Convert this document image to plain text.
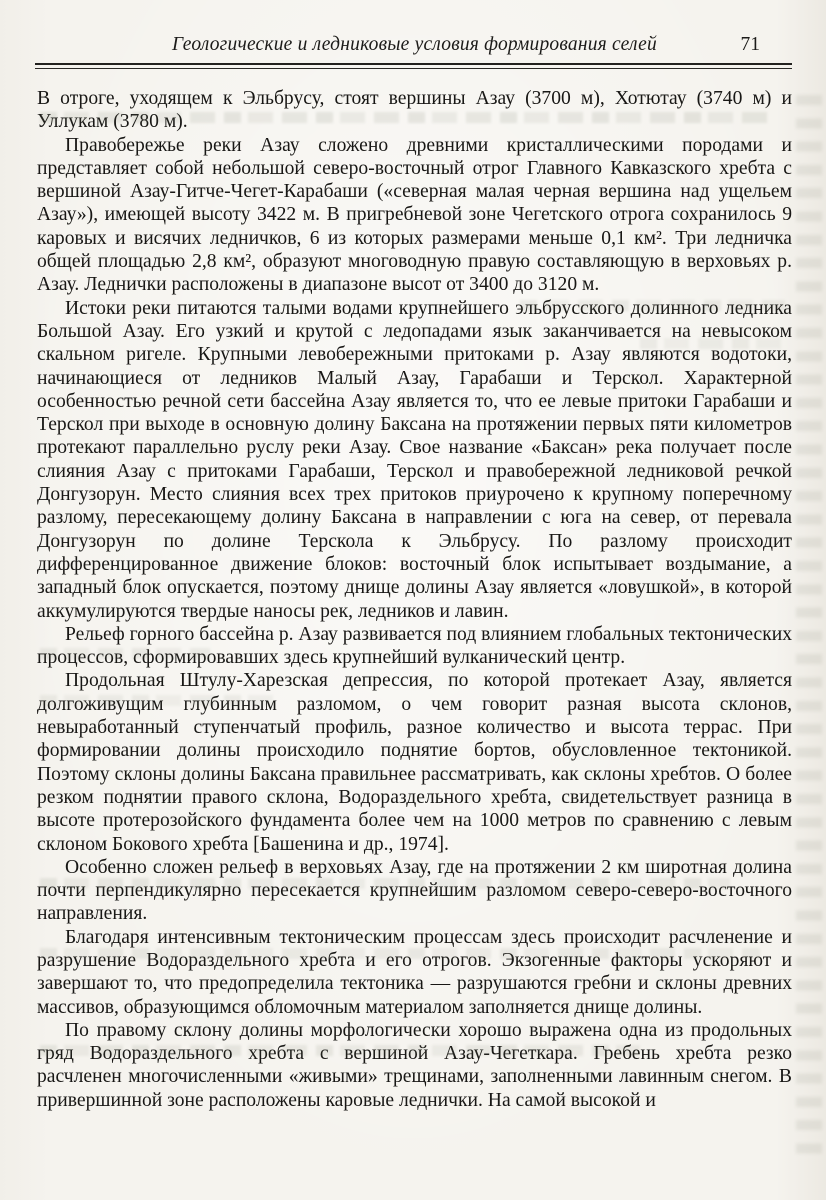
Геологические и ледниковые условия формирования селей	71

В отроге, уходящем к Эльбрусу, стоят вершины Азау (3700 м), Хотютау (3740 м) и Уллукам (3780 м).

Правобережье реки Азау сложено древними кристаллическими породами и представляет собой небольшой северо-восточный отрог Главного Кавказского хребта с вершиной Азау-Гитче-Чегет-Карабаши («северная малая черная вершина над ущельем Азау»), имеющей высоту 3422 м. В пригребневой зоне Чегетского отрога сохранилось 9 каровых и висячих ледничков, 6 из которых размерами меньше 0,1 км². Три ледничка общей площадью 2,8 км², образуют многоводную правую составляющую в верховьях р. Азау. Леднички расположены в диапазоне высот от 3400 до 3120 м.

Истоки реки питаются талыми водами крупнейшего эльбрусского долинного ледника Большой Азау. Его узкий и крутой с ледопадами язык заканчивается на невысоком скальном ригеле. Крупными левобережными притоками р. Азау являются водотоки, начинающиеся от ледников Малый Азау, Гарабаши и Терскол. Характерной особенностью речной сети бассейна Азау является то, что ее левые притоки Гарабаши и Терскол при выходе в основную долину Баксана на протяжении первых пяти километров протекают параллельно руслу реки Азау. Свое название «Баксан» река получает после слияния Азау с притоками Гарабаши, Терскол и правобережной ледниковой речкой Донгузорун. Место слияния всех трех притоков приурочено к крупному поперечному разлому, пересекающему долину Баксана в направлении с юга на север, от перевала Донгузорун по долине Терскола к Эльбрусу. По разлому происходит дифференцированное движение блоков: восточный блок испытывает воздымание, а западный блок опускается, поэтому днище долины Азау является «ловушкой», в которой аккумулируются твердые наносы рек, ледников и лавин.

Рельеф горного бассейна р. Азау развивается под влиянием глобальных тектонических процессов, сформировавших здесь крупнейший вулканический центр.

Продольная Штулу-Харезская депрессия, по которой протекает Азау, является долгоживущим глубинным разломом, о чем говорит разная высота склонов, невыработанный ступенчатый профиль, разное количество и высота террас. При формировании долины происходило поднятие бортов, обусловленное тектоникой. Поэтому склоны долины Баксана правильнее рассматривать, как склоны хребтов. О более резком поднятии правого склона, Водораздельного хребта, свидетельствует разница в высоте протерозойского фундамента более чем на 1000 метров по сравнению с левым склоном Бокового хребта [Башенина и др., 1974].

Особенно сложен рельеф в верховьях Азау, где на протяжении 2 км широтная долина почти перпендикулярно пересекается крупнейшим разломом северо-северо-восточного направления.

Благодаря интенсивным тектоническим процессам здесь происходит расчленение и разрушение Водораздельного хребта и его отрогов. Экзогенные факторы ускоряют и завершают то, что предопределила тектоника — разрушаются гребни и склоны древних массивов, образующимся обломочным материалом заполняется днище долины.

По правому склону долины морфологически хорошо выражена одна из продольных гряд Водораздельного хребта с вершиной Азау-Чегеткара. Гребень хребта резко расчленен многочисленными «живыми» трещинами, заполненными лавинным снегом. В привершинной зоне расположены каровые леднички. На самой высокой и
